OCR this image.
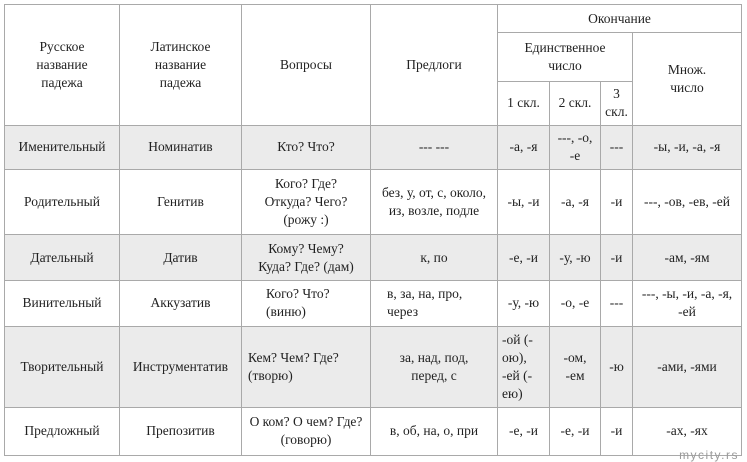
Русское название падежа	Латинское название падежа	Вопросы	Предлоги	Окончание			
				Единственное число			Множ. число
				1 скл.	2 скл.	3 скл.	
Именительный	Номинатив	Кто? Что?	--- ---	-а, -я	---, -о, -е	---	-ы, -и, -а, -я
Родительный	Генитив	Кого? Где? Откуда? Чего? (рожу :)	без, у, от, с, около, из, возле, подле	-ы, -и	-а, -я	-и	---, -ов, -ев, -ей
Дательный	Датив	Кому? Чему? Куда? Где? (дам)	к, по	-е, -и	-у, -ю	-и	-ам, -ям
Винительный	Аккузатив	Кого? Что? (виню)	в, за, на, про, через	-у, -ю	-о, -е	---	---, -ы, -и, -а, -я, -ей
Творительный	Инструментатив	Кем? Чем? Где? (творю)	за, над, под, перед, с	-ой (-ою), -ей (-ею)	-ом, -ем	-ю	-ами, -ями
Предложный	Препозитив	О ком? О чем? Где? (говорю)	в, об, на, о, при	-е, -и	-е, -и	-и	-ах, -ях
mycity.rs
